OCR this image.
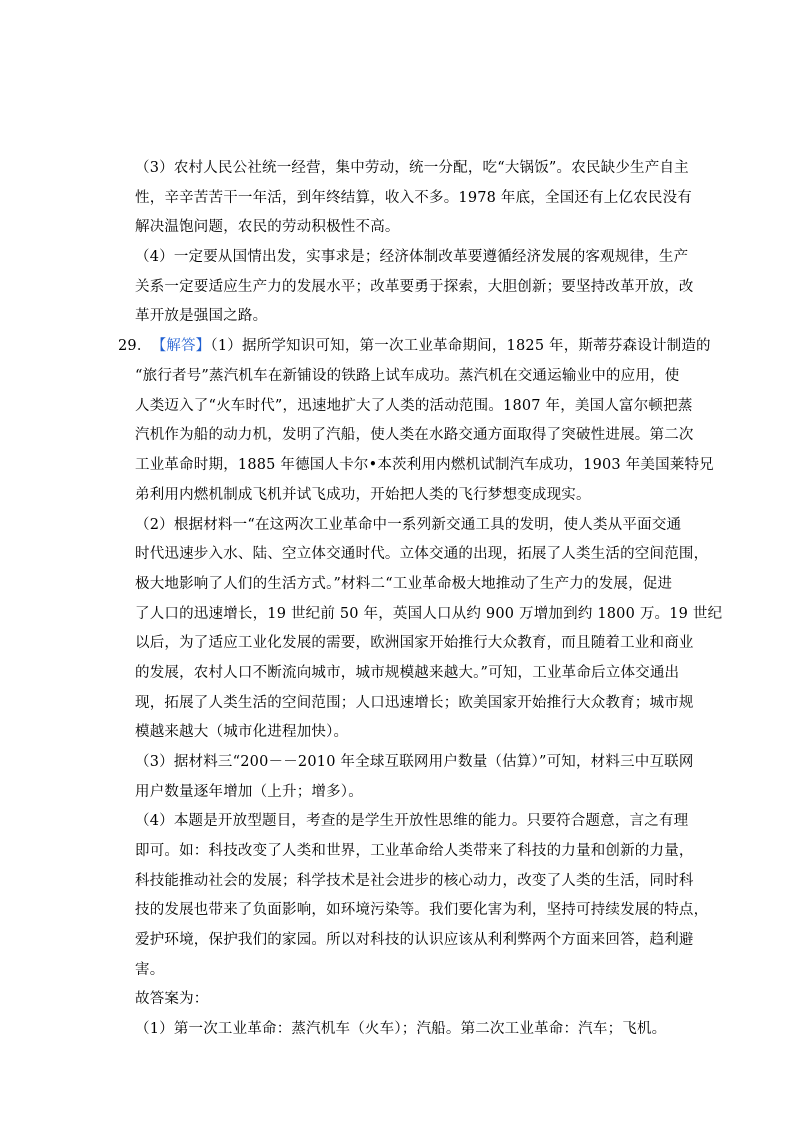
（3）农村人民公社统一经营，集中劳动，统一分配，吃“大锅饭”。农民缺少生产自主
性，辛辛苦苦干一年活，到年终结算，收入不多。1978 年底，全国还有上亿农民没有
解决温饱问题，农民的劳动积极性不高。
（4）一定要从国情出发，实事求是；经济体制改革要遵循经济发展的客观规律，生产
关系一定要适应生产力的发展水平；改革要勇于探索，大胆创新；要坚持改革开放，改
革开放是强国之路。
29．【解答】（1）据所学知识可知，第一次工业革命期间，1825 年，斯蒂芬森设计制造的
“旅行者号”蒸汽机车在新铺设的铁路上试车成功。蒸汽机在交通运输业中的应用，使
人类迈入了“火车时代”，迅速地扩大了人类的活动范围。1807 年，美国人富尔顿把蒸
汽机作为船的动力机，发明了汽船，使人类在水路交通方面取得了突破性进展。第二次
工业革命时期，1885 年德国人卡尔•本茨利用内燃机试制汽车成功，1903 年美国莱特兄
弟利用内燃机制成飞机并试飞成功，开始把人类的飞行梦想变成现实。
（2）根据材料一“在这两次工业革命中一系列新交通工具的发明，使人类从平面交通
时代迅速步入水、陆、空立体交通时代。立体交通的出现，拓展了人类生活的空间范围，
极大地影响了人们的生活方式。”材料二“工业革命极大地推动了生产力的发展，促进
了人口的迅速增长，19 世纪前 50 年，英国人口从约 900 万增加到约 1800 万。19 世纪
以后，为了适应工业化发展的需要，欧洲国家开始推行大众教育，而且随着工业和商业
的发展，农村人口不断流向城市，城市规模越来越大。”可知，工业革命后立体交通出
现，拓展了人类生活的空间范围；人口迅速增长；欧美国家开始推行大众教育；城市规
模越来越大（城市化进程加快）。
（3）据材料三“200－－2010 年全球互联网用户数量（估算）”可知，材料三中互联网
用户数量逐年增加（上升；增多）。
（4）本题是开放型题目，考查的是学生开放性思维的能力。只要符合题意，言之有理
即可。如：科技改变了人类和世界，工业革命给人类带来了科技的力量和创新的力量，
科技能推动社会的发展；科学技术是社会进步的核心动力，改变了人类的生活，同时科
技的发展也带来了负面影响，如环境污染等。我们要化害为利，坚持可持续发展的特点，
爱护环境，保护我们的家园。所以对科技的认识应该从利利弊两个方面来回答，趋利避
害。
故答案为：
（1）第一次工业革命：蒸汽机车（火车）；汽船。第二次工业革命：汽车；飞机。
